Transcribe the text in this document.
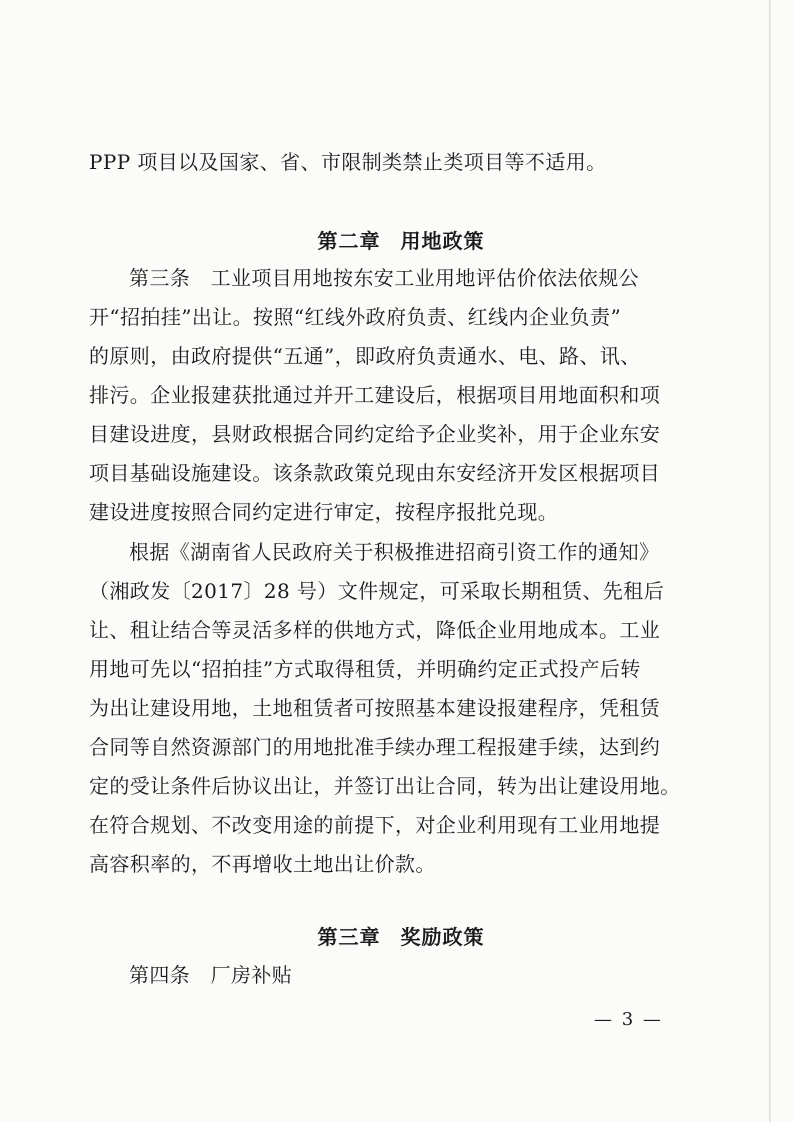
PPP 项目以及国家、省、市限制类禁止类项目等不适用。
第二章 用地政策
第三条　工业项目用地按东安工业用地评估价依法依规公
开“招拍挂”出让。按照“红线外政府负责、红线内企业负责”
的原则，由政府提供“五通”，即政府负责通水、电、路、讯、
排污。企业报建获批通过并开工建设后，根据项目用地面积和项
目建设进度，县财政根据合同约定给予企业奖补，用于企业东安
项目基础设施建设。该条款政策兑现由东安经济开发区根据项目
建设进度按照合同约定进行审定，按程序报批兑现。
根据《湖南省人民政府关于积极推进招商引资工作的通知》
（湘政发〔2017〕28 号）文件规定，可采取长期租赁、先租后
让、租让结合等灵活多样的供地方式，降低企业用地成本。工业
用地可先以“招拍挂”方式取得租赁，并明确约定正式投产后转
为出让建设用地，土地租赁者可按照基本建设报建程序，凭租赁
合同等自然资源部门的用地批准手续办理工程报建手续，达到约
定的受让条件后协议出让，并签订出让合同，转为出让建设用地。
在符合规划、不改变用途的前提下，对企业利用现有工业用地提
高容积率的，不再增收土地出让价款。
第三章 奖励政策
第四条　厂房补贴
— 3 —
